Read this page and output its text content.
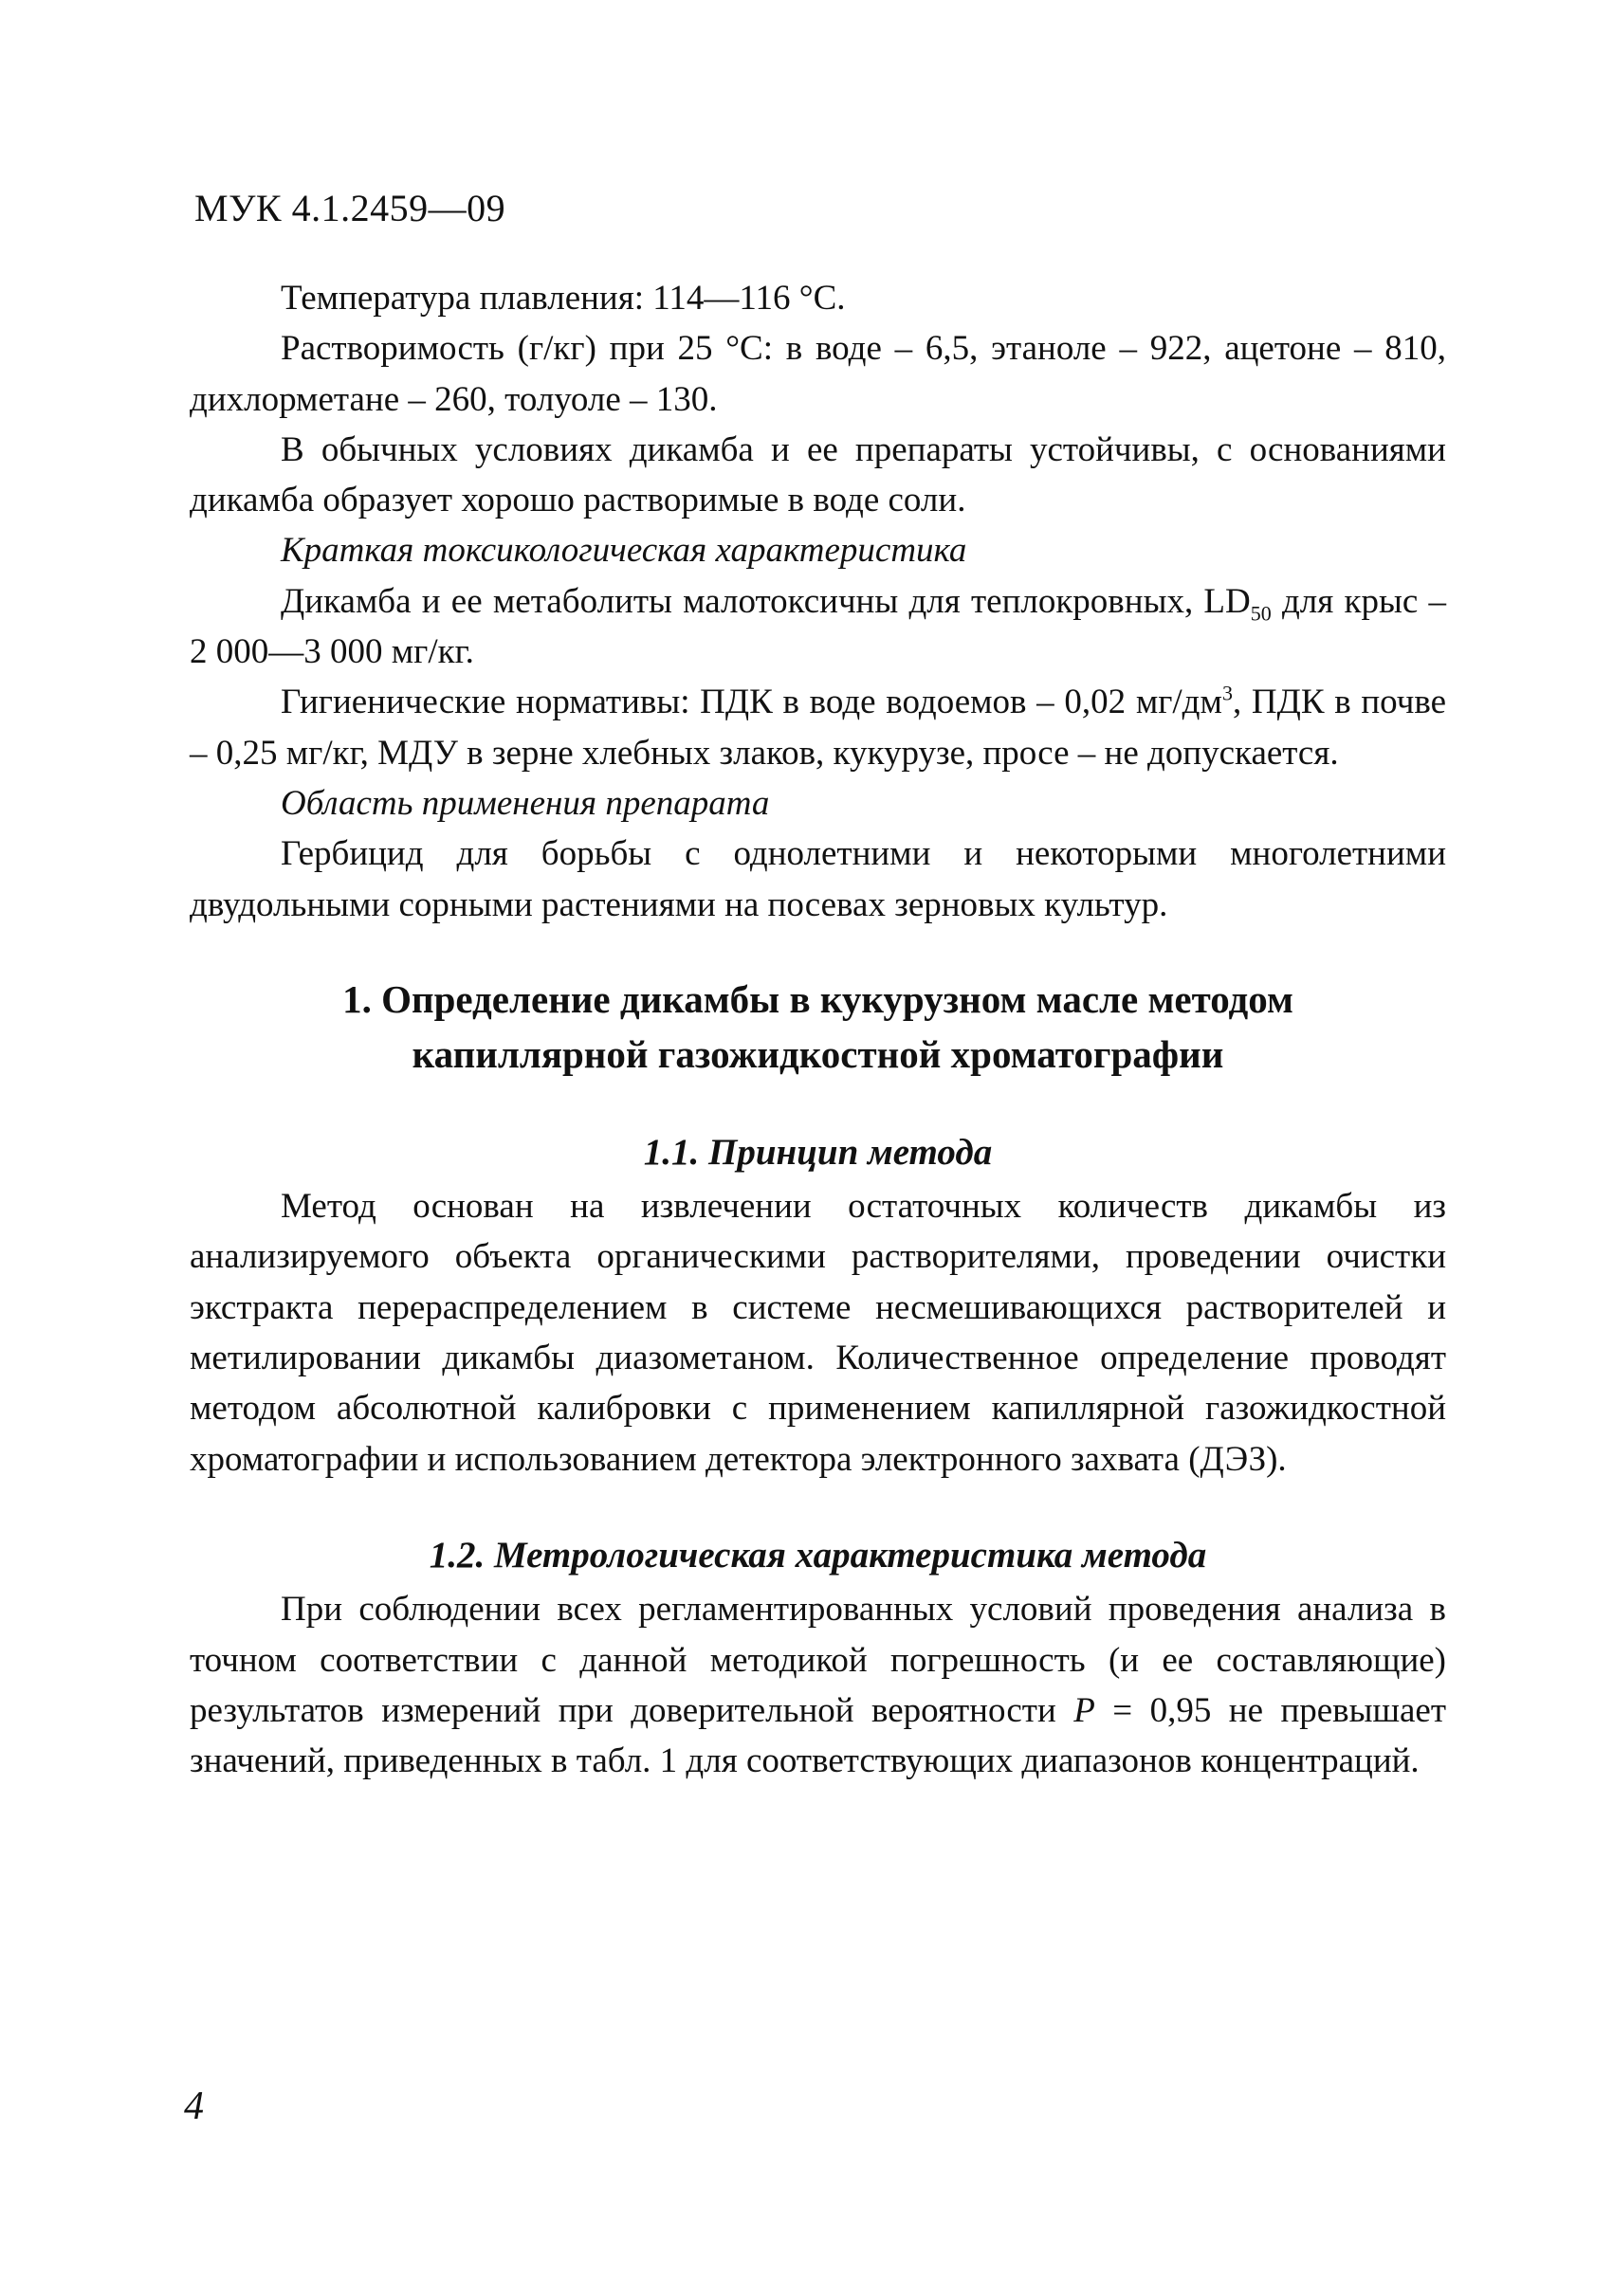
МУК 4.1.2459—09

Температура плавления: 114—116 °С.

Растворимость (г/кг) при 25 °С: в воде – 6,5, этаноле – 922, ацетоне – 810, дихлорметане – 260, толуоле – 130.

В обычных условиях дикамба и ее препараты устойчивы, с основаниями дикамба образует хорошо растворимые в воде соли.

Краткая токсикологическая характеристика

Дикамба и ее метаболиты малотоксичны для теплокровных, $LD_{50}$ для крыс – 2 000—3 000 мг/кг.

Гигиенические нормативы: ПДК в воде водоемов – 0,02 $мг/дм^3$, ПДК в почве – 0,25 мг/кг, МДУ в зерне хлебных злаков, кукурузе, просе – не допускается.

Область применения препарата

Гербицид для борьбы с однолетними и некоторыми многолетними двудольными сорными растениями на посевах зерновых культур.

1. Определение дикамбы в кукурузном масле методом
капиллярной газожидкостной хроматографии
1.1. Принцип метода

Метод основан на извлечении остаточных количеств дикамбы из анализируемого объекта органическими растворителями, проведении очистки экстракта перераспределением в системе несмешивающихся растворителей и метилировании дикамбы диазометаном. Количественное определение проводят методом абсолютной калибровки с применением капиллярной газожидкостной хроматографии и использованием детектора электронного захвата (ДЭЗ).

1.2. Метрологическая характеристика метода

При соблюдении всех регламентированных условий проведения анализа в точном соответствии с данной методикой погрешность (и ее составляющие) результатов измерений при доверительной вероятности P = 0,95 не превышает значений, приведенных в табл. 1 для соответствующих диапазонов концентраций.

4
